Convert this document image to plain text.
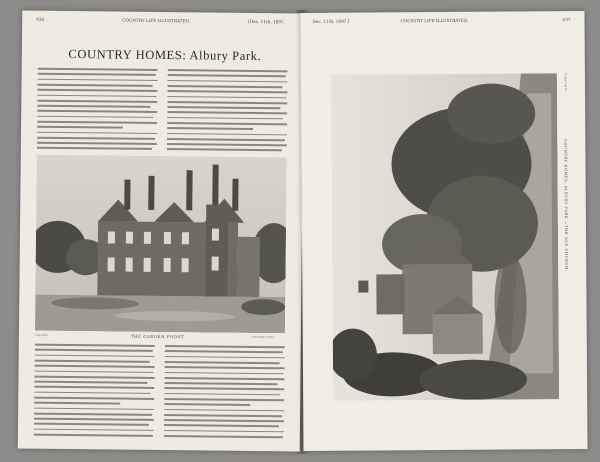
636	COUNTRY LIFE ILLUSTRATED.	[Dec. 11th, 1897.
COUNTRY HOMES: Albury Park.
Copyright	THE GARDEN FRONT.	"COUNTRY LIFE"
Dec. 11th, 1897.]	COUNTRY LIFE ILLUSTRATED.	637
COUNTRY HOMES: ALBURY PARK.—THE OLD CHURCH.
Copyright
